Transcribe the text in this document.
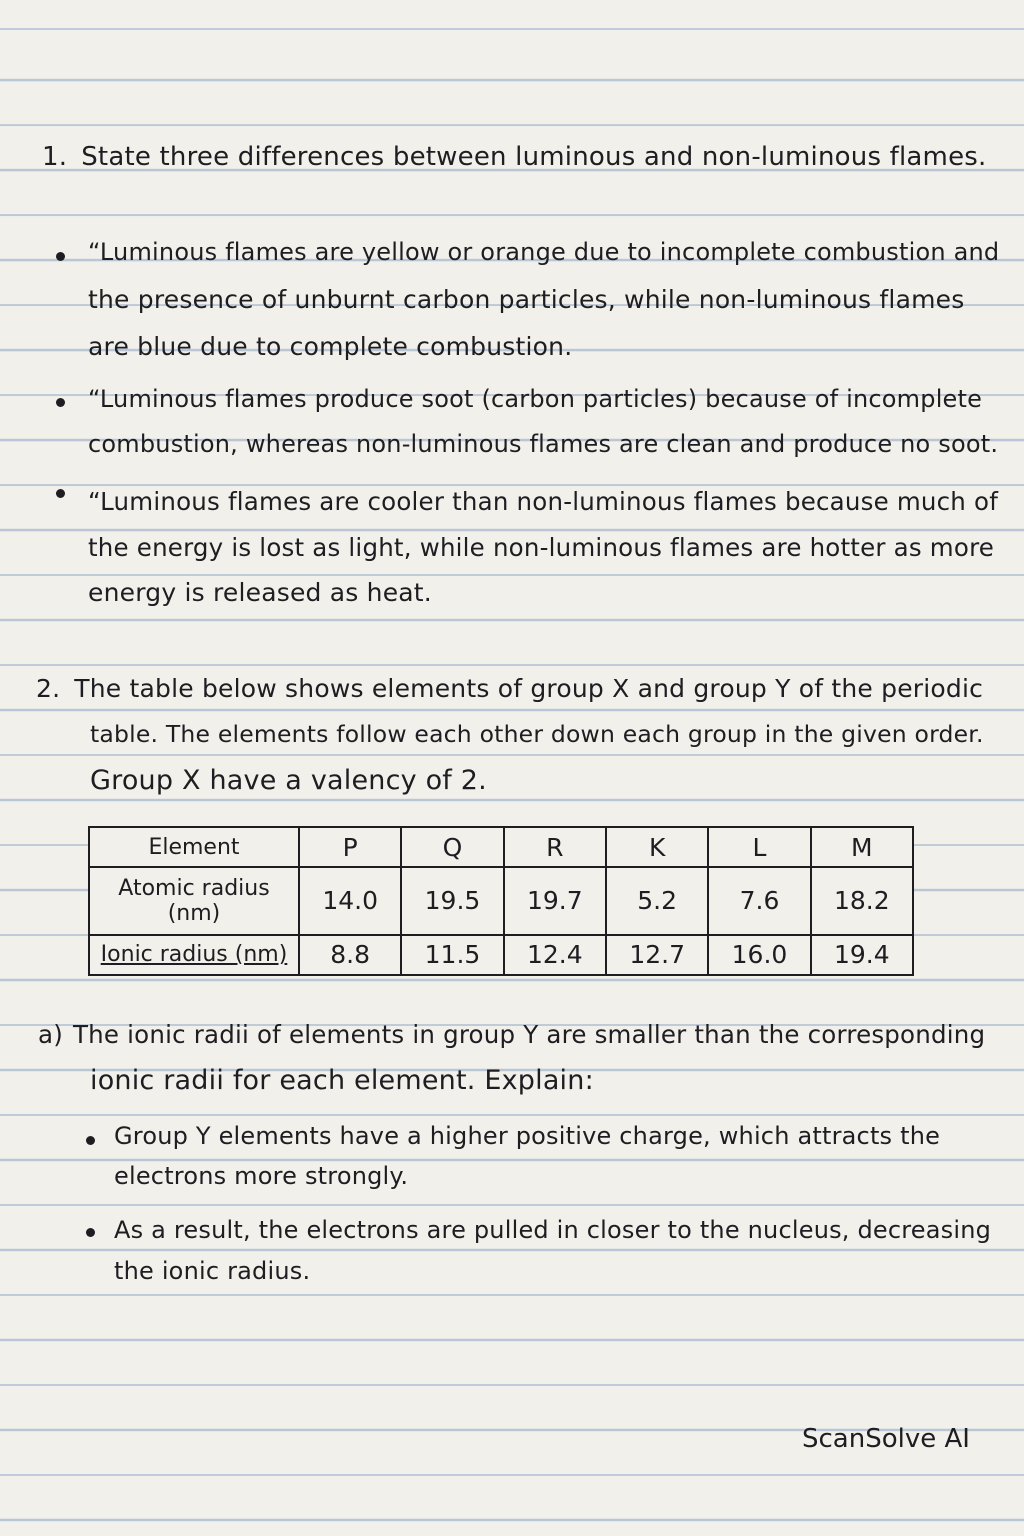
1. State three differences between luminous and non-luminous flames.
“Luminous flames are yellow or orange due to incomplete combustion and
the presence of unburnt carbon particles, while non-luminous flames
are blue due to complete combustion.
“Luminous flames produce soot (carbon particles) because of incomplete
combustion, whereas non-luminous flames are clean and produce no soot.
“Luminous flames are cooler than non-luminous flames because much of
the energy is lost as light, while non-luminous flames are hotter as more
energy is released as heat.
2. The table below shows elements of group X and group Y of the periodic
table. The elements follow each other down each group in the given order.
Group X have a valency of 2.
Element	P	Q	R	K	L	M
Atomic radius (nm)	14.0	19.5	19.7	5.2	7.6	18.2
Ionic radius (nm)	8.8	11.5	12.4	12.7	16.0	19.4
a) The ionic radii of elements in group Y are smaller than the corresponding
ionic radii for each element. Explain:
Group Y elements have a higher positive charge, which attracts the
electrons more strongly.
As a result, the electrons are pulled in closer to the nucleus, decreasing
the ionic radius.
ScanSolve AI
